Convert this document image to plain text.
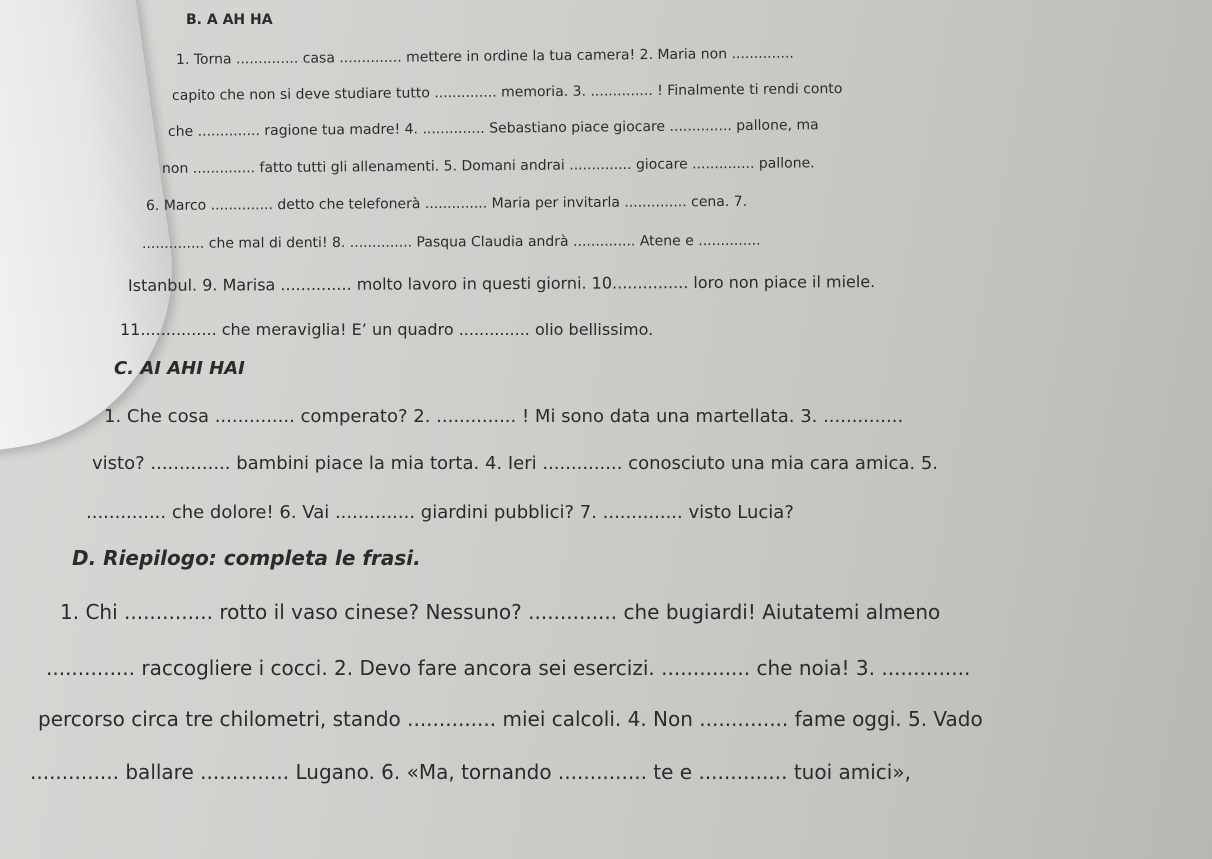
B. A AH HA
1. Torna .............. casa .............. mettere in ordine la tua camera! 2. Maria non ..............
capito che non si deve studiare tutto .............. memoria. 3. .............. ! Finalmente ti rendi conto
che .............. ragione tua madre! 4. .............. Sebastiano piace giocare .............. pallone, ma
non .............. fatto tutti gli allenamenti. 5. Domani andrai .............. giocare .............. pallone.
6. Marco .............. detto che telefonerà .............. Maria per invitarla .............. cena. 7.
.............. che mal di denti! 8. .............. Pasqua Claudia andrà .............. Atene e ..............
Istanbul. 9. Marisa .............. molto lavoro in questi giorni. 10............... loro non piace il miele.
11............... che meraviglia! E’ un quadro .............. olio bellissimo.
C. AI AHI HAI
1. Che cosa .............. comperato? 2. .............. ! Mi sono data una martellata. 3. ..............
visto? .............. bambini piace la mia torta. 4. Ieri .............. conosciuto una mia cara amica. 5.
.............. che dolore! 6. Vai .............. giardini pubblici? 7. .............. visto Lucia?
D. Riepilogo: completa le frasi.
1. Chi .............. rotto il vaso cinese? Nessuno? .............. che bugiardi! Aiutatemi almeno
.............. raccogliere i cocci. 2. Devo fare ancora sei esercizi. .............. che noia! 3. ..............
percorso circa tre chilometri, stando .............. miei calcoli. 4. Non .............. fame oggi. 5. Vado
.............. ballare .............. Lugano. 6. «Ma, tornando .............. te e .............. tuoi amici»,
